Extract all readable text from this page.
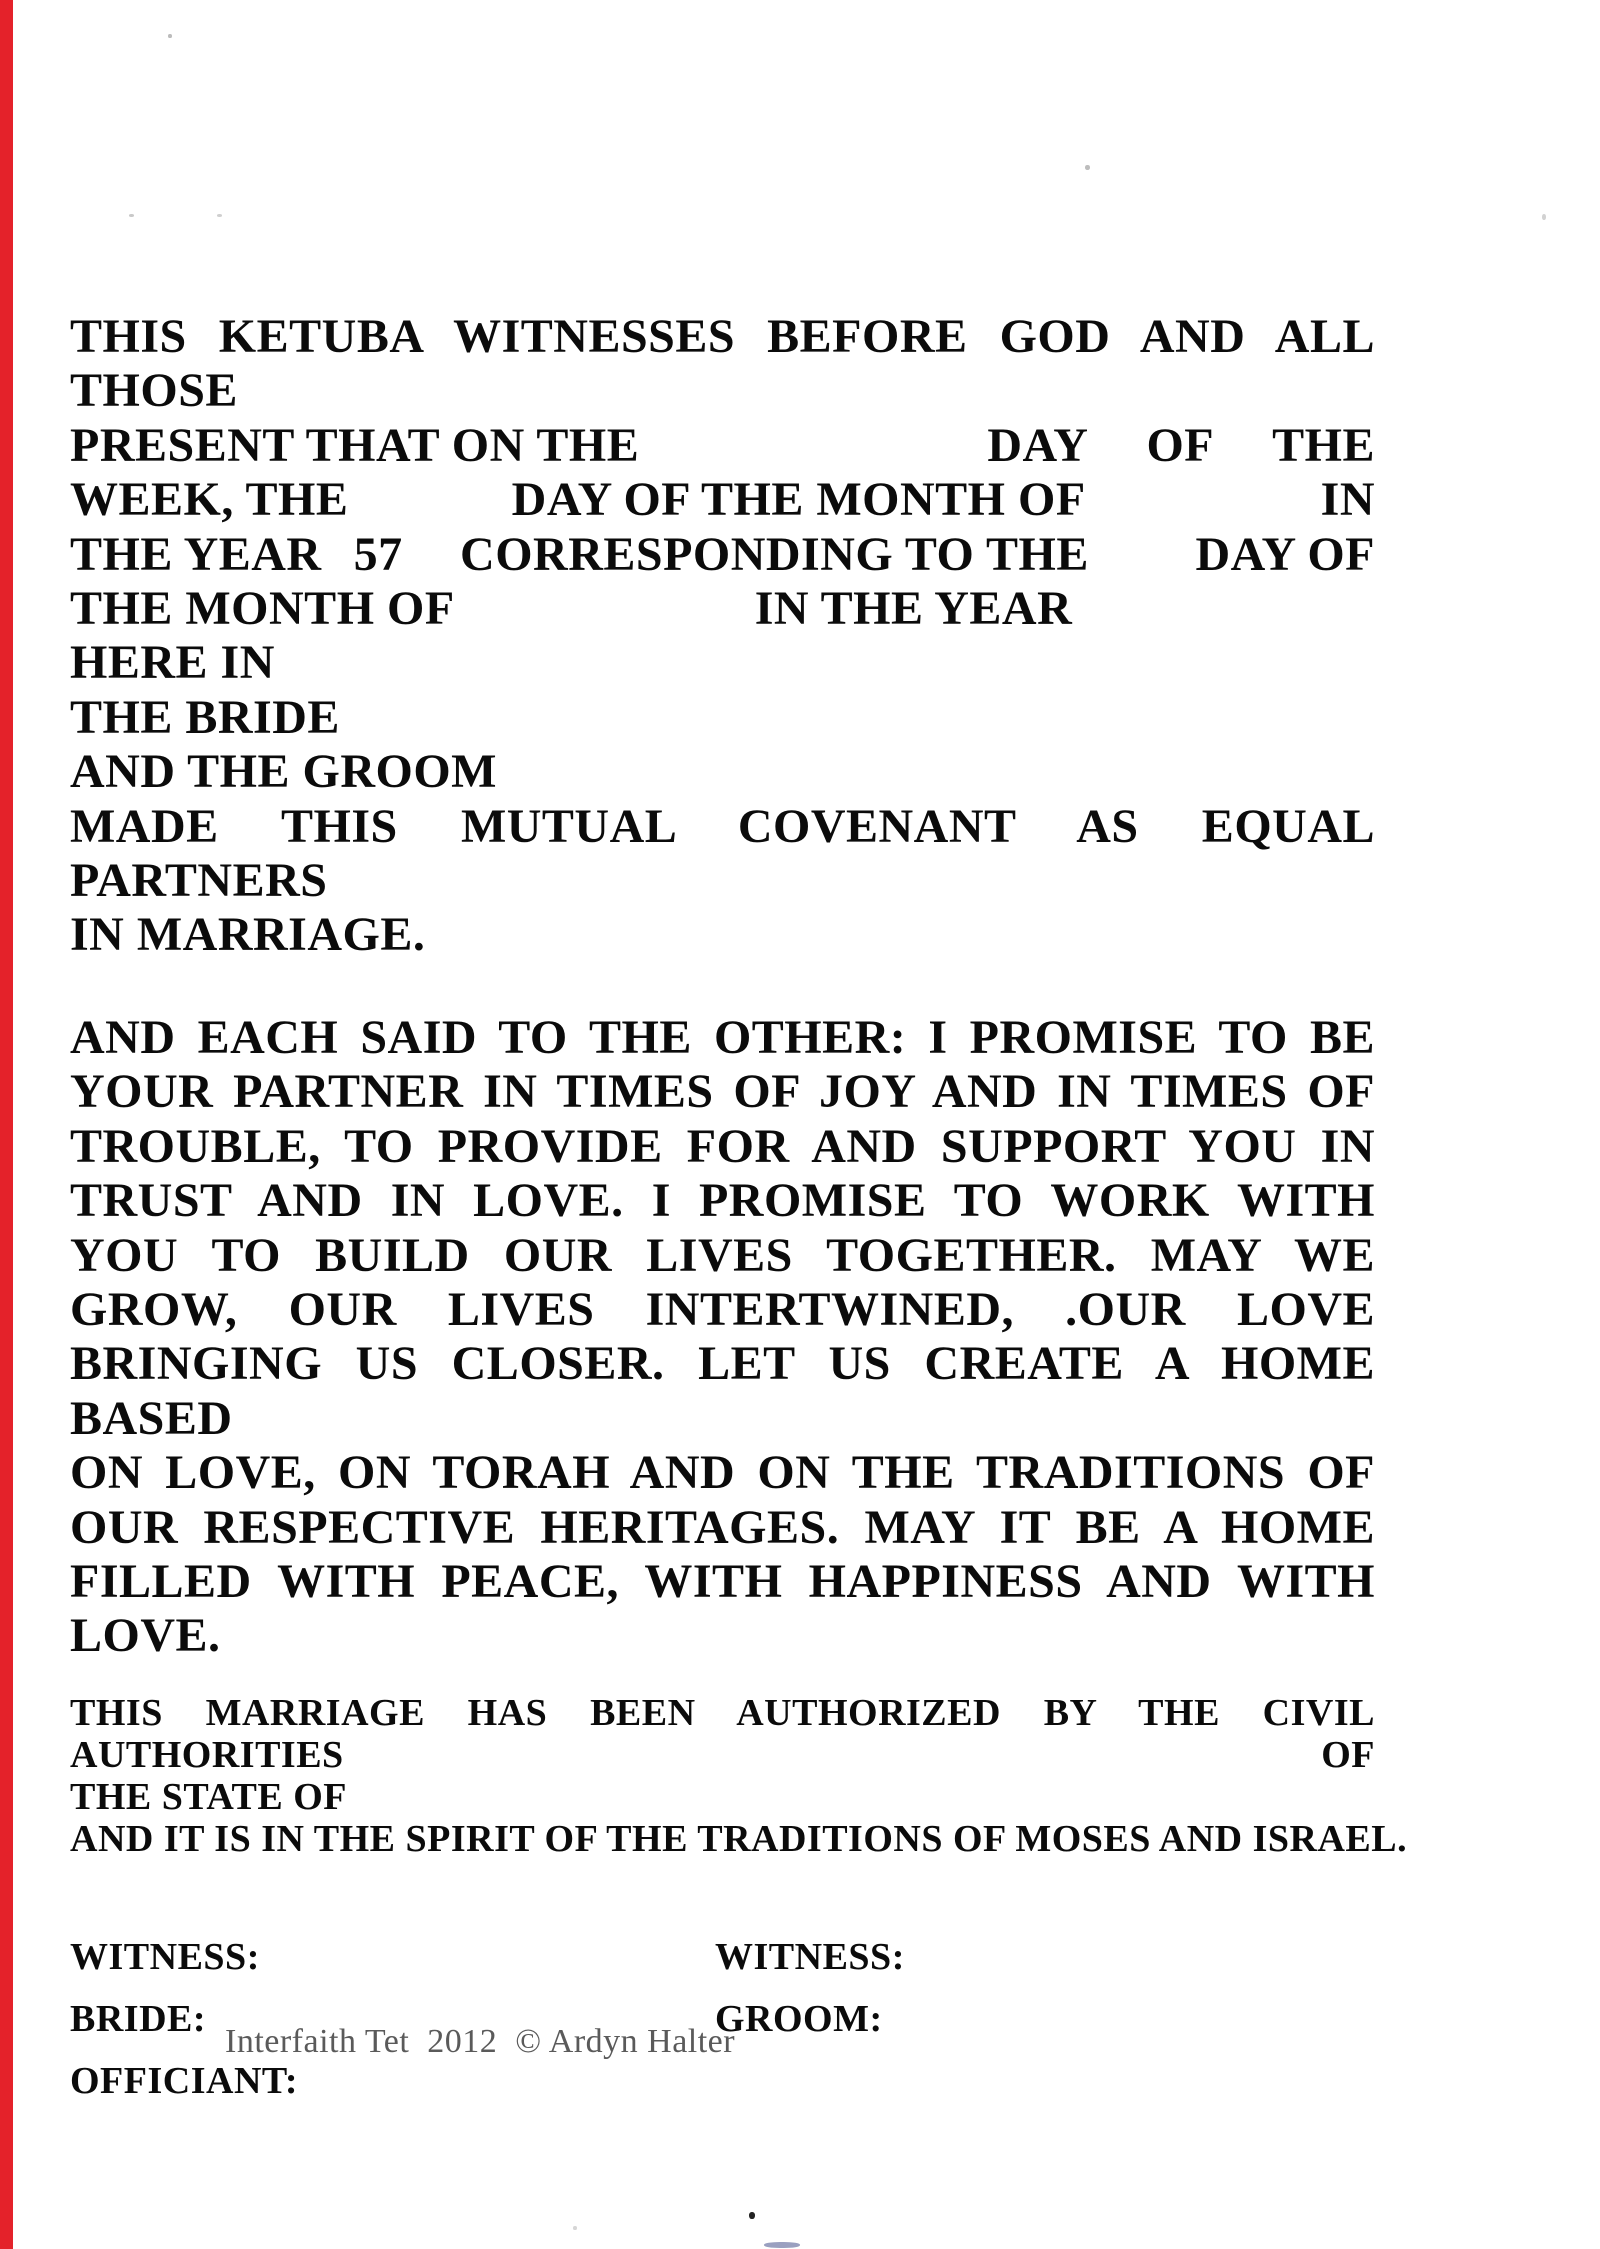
THIS KETUBA WITNESSES BEFORE GOD AND ALL THOSE
PRESENT THAT ON THE	DAY OF THE
WEEK, THE	DAY OF THE MONTH OF	IN
THE YEAR 57 CORRESPONDING TO THE DAY OF
THE MONTH OF	IN THE YEAR
HERE IN
THE BRIDE
AND THE GROOM
MADE THIS MUTUAL COVENANT AS EQUAL PARTNERS
IN MARRIAGE.
AND EACH SAID TO THE OTHER: I PROMISE TO BE
YOUR PARTNER IN TIMES OF JOY AND IN TIMES OF
TROUBLE, TO PROVIDE FOR AND SUPPORT YOU IN
TRUST AND IN LOVE. I PROMISE TO WORK WITH
YOU TO BUILD OUR LIVES TOGETHER. MAY WE
GROW, OUR LIVES INTERTWINED, .OUR LOVE
BRINGING US CLOSER. LET US CREATE A HOME BASED
ON LOVE, ON TORAH AND ON THE TRADITIONS OF
OUR RESPECTIVE HERITAGES. MAY IT BE A HOME
FILLED WITH PEACE, WITH HAPPINESS AND WITH LOVE.
THIS MARRIAGE HAS BEEN AUTHORIZED BY THE CIVIL AUTHORITIES OF
THE STATE OF
AND IT IS IN THE SPIRIT OF THE TRADITIONS OF MOSES AND ISRAEL.
WITNESS:	WITNESS:
BRIDE:	GROOM:
OFFICIANT:
Interfaith Tet  2012  © Ardyn Halter
